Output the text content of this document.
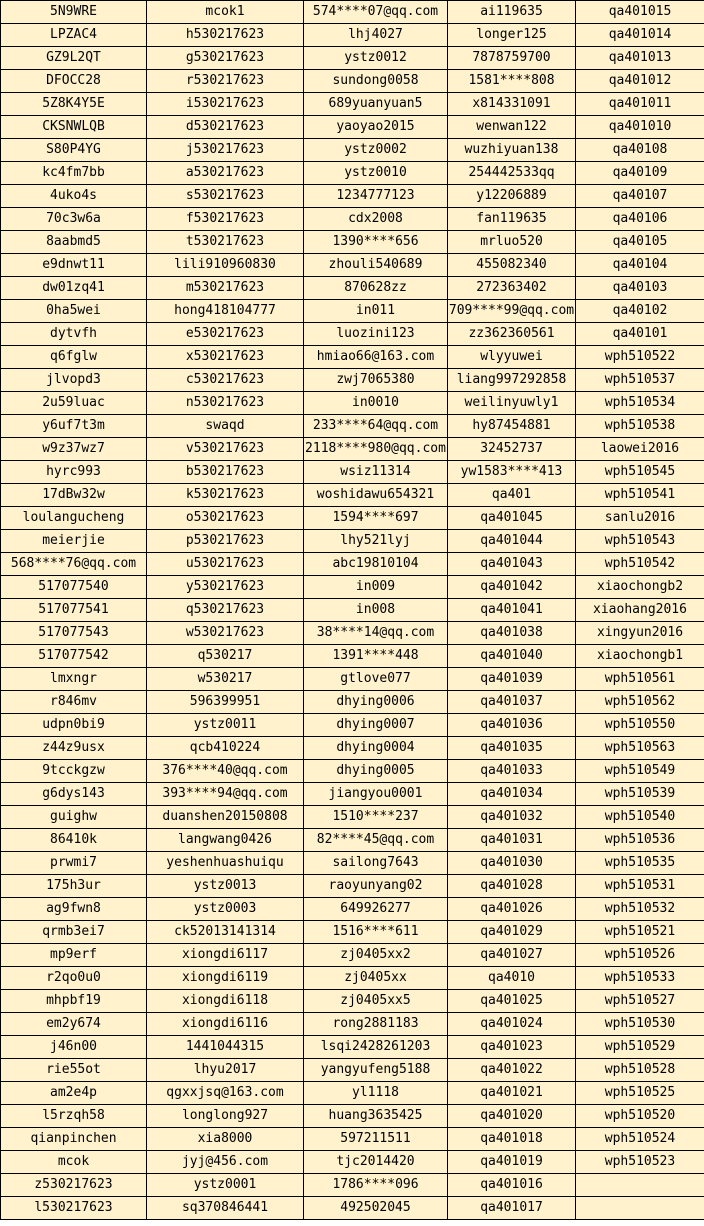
5N9WRE	mcok1	574****07@qq.com	ai119635	qa401015
LPZAC4	h530217623	lhj4027	longer125	qa401014
GZ9L2QT	g530217623	ystz0012	7878759700	qa401013
DFOCC28	r530217623	sundong0058	1581****808	qa401012
5Z8K4Y5E	i530217623	689yuanyuan5	x814331091	qa401011
CKSNWLQB	d530217623	yaoyao2015	wenwan122	qa401010
S80P4YG	j530217623	ystz0002	wuzhiyuan138	qa40108
kc4fm7bb	a530217623	ystz0010	254442533qq	qa40109
4uko4s	s530217623	1234777123	y12206889	qa40107
70c3w6a	f530217623	cdx2008	fan119635	qa40106
8aabmd5	t530217623	1390****656	mrluo520	qa40105
e9dnwt11	lili910960830	zhouli540689	455082340	qa40104
dw01zq41	m530217623	870628zz	272363402	qa40103
0ha5wei	hong418104777	in011	709****99@qq.com	qa40102
dytvfh	e530217623	luozini123	zz362360561	qa40101
q6fglw	x530217623	hmiao66@163.com	wlyyuwei	wph510522
jlvopd3	c530217623	zwj7065380	liang997292858	wph510537
2u59luac	n530217623	in0010	weilinyuwly1	wph510534
y6uf7t3m	swaqd	233****64@qq.com	hy87454881	wph510538
w9z37wz7	v530217623	2118****980@qq.com	32452737	laowei2016
hyrc993	b530217623	wsiz11314	yw1583****413	wph510545
17dBw32w	k530217623	woshidawu654321	qa401	wph510541
loulangucheng	o530217623	1594****697	qa401045	sanlu2016
meierjie	p530217623	lhy521lyj	qa401044	wph510543
568****76@qq.com	u530217623	abc19810104	qa401043	wph510542
517077540	y530217623	in009	qa401042	xiaochongb2
517077541	q530217623	in008	qa401041	xiaohang2016
517077543	w530217623	38****14@qq.com	qa401038	xingyun2016
517077542	q530217	1391****448	qa401040	xiaochongb1
lmxngr	w530217	gtlove077	qa401039	wph510561
r846mv	596399951	dhying0006	qa401037	wph510562
udpn0bi9	ystz0011	dhying0007	qa401036	wph510550
z44z9usx	qcb410224	dhying0004	qa401035	wph510563
9tcckgzw	376****40@qq.com	dhying0005	qa401033	wph510549
g6dys143	393****94@qq.com	jiangyou0001	qa401034	wph510539
guighw	duanshen20150808	1510****237	qa401032	wph510540
86410k	langwang0426	82****45@qq.com	qa401031	wph510536
prwmi7	yeshenhuashuiqu	sailong7643	qa401030	wph510535
175h3ur	ystz0013	raoyunyang02	qa401028	wph510531
ag9fwn8	ystz0003	649926277	qa401026	wph510532
qrmb3ei7	ck52013141314	1516****611	qa401029	wph510521
mp9erf	xiongdi6117	zj0405xx2	qa401027	wph510526
r2qo0u0	xiongdi6119	zj0405xx	qa4010	wph510533
mhpbf19	xiongdi6118	zj0405xx5	qa401025	wph510527
em2y674	xiongdi6116	rong2881183	qa401024	wph510530
j46n00	1441044315	lsqi2428261203	qa401023	wph510529
rie55ot	lhyu2017	yangyufeng5188	qa401022	wph510528
am2e4p	qgxxjsq@163.com	yl1118	qa401021	wph510525
l5rzqh58	longlong927	huang3635425	qa401020	wph510520
qianpinchen	xia8000	597211511	qa401018	wph510524
mcok	jyj@456.com	tjc2014420	qa401019	wph510523
z530217623	ystz0001	1786****096	qa401016	
l530217623	sq370846441	492502045	qa401017	
